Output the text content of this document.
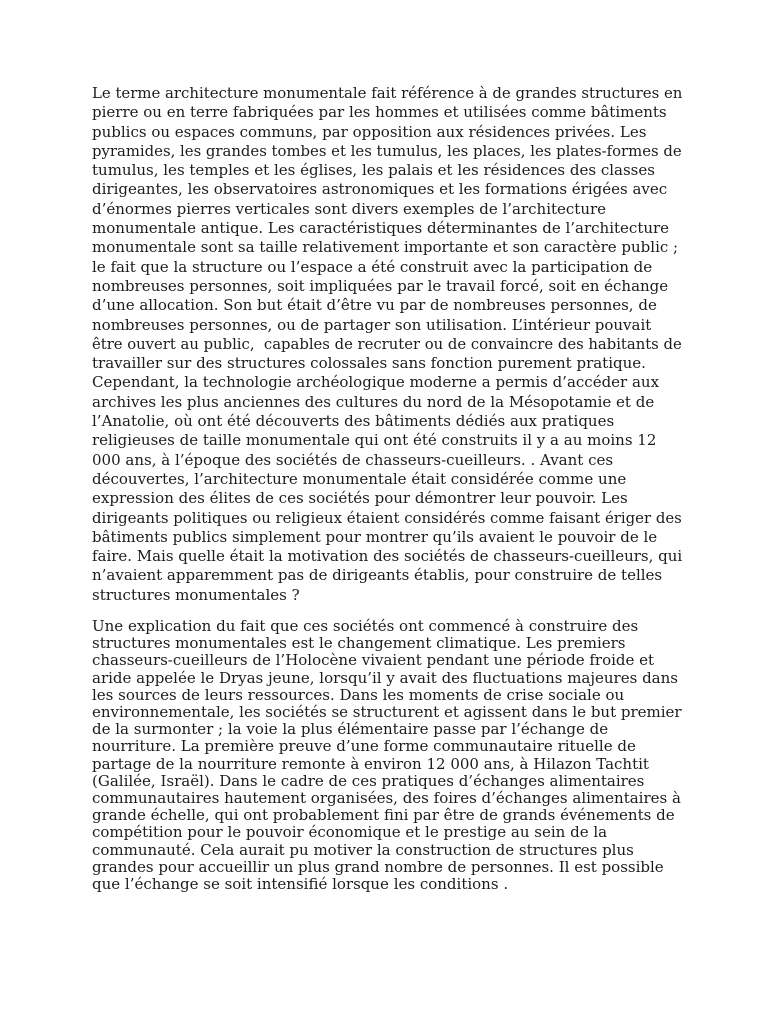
Le terme architecture monumentale fait référence à de grandes structures en
pierre ou en terre fabriquées par les hommes et utilisées comme bâtiments
publics ou espaces communs, par opposition aux résidences privées. Les
pyramides, les grandes tombes et les tumulus, les places, les plates-formes de
tumulus, les temples et les églises, les palais et les résidences des classes
dirigeantes, les observatoires astronomiques et les formations érigées avec
d’énormes pierres verticales sont divers exemples de l’architecture
monumentale antique. Les caractéristiques déterminantes de l’architecture
monumentale sont sa taille relativement importante et son caractère public ;
le fait que la structure ou l’espace a été construit avec la participation de
nombreuses personnes, soit impliquées par le travail forcé, soit en échange
d’une allocation. Son but était d’être vu par de nombreuses personnes, de
nombreuses personnes, ou de partager son utilisation. L’intérieur pouvait
être ouvert au public,  capables de recruter ou de convaincre des habitants de
travailler sur des structures colossales sans fonction purement pratique.
Cependant, la technologie archéologique moderne a permis d’accéder aux
archives les plus anciennes des cultures du nord de la Mésopotamie et de
l’Anatolie, où ont été découverts des bâtiments dédiés aux pratiques
religieuses de taille monumentale qui ont été construits il y a au moins 12
000 ans, à l’époque des sociétés de chasseurs-cueilleurs. . Avant ces
découvertes, l’architecture monumentale était considérée comme une
expression des élites de ces sociétés pour démontrer leur pouvoir. Les
dirigeants politiques ou religieux étaient considérés comme faisant ériger des
bâtiments publics simplement pour montrer qu’ils avaient le pouvoir de le
faire. Mais quelle était la motivation des sociétés de chasseurs-cueilleurs, qui
n’avaient apparemment pas de dirigeants établis, pour construire de telles
structures monumentales ?
Une explication du fait que ces sociétés ont commencé à construire des
structures monumentales est le changement climatique. Les premiers
chasseurs-cueilleurs de l’Holocène vivaient pendant une période froide et
aride appelée le Dryas jeune, lorsqu’il y avait des fluctuations majeures dans
les sources de leurs ressources. Dans les moments de crise sociale ou
environnementale, les sociétés se structurent et agissent dans le but premier
de la surmonter ; la voie la plus élémentaire passe par l’échange de
nourriture. La première preuve d’une forme communautaire rituelle de
partage de la nourriture remonte à environ 12 000 ans, à Hilazon Tachtit
(Galilée, Israël). Dans le cadre de ces pratiques d’échanges alimentaires
communautaires hautement organisées, des foires d’échanges alimentaires à
grande échelle, qui ont probablement fini par être de grands événements de
compétition pour le pouvoir économique et le prestige au sein de la
communauté. Cela aurait pu motiver la construction de structures plus
grandes pour accueillir un plus grand nombre de personnes. Il est possible
que l’échange se soit intensifié lorsque les conditions .
